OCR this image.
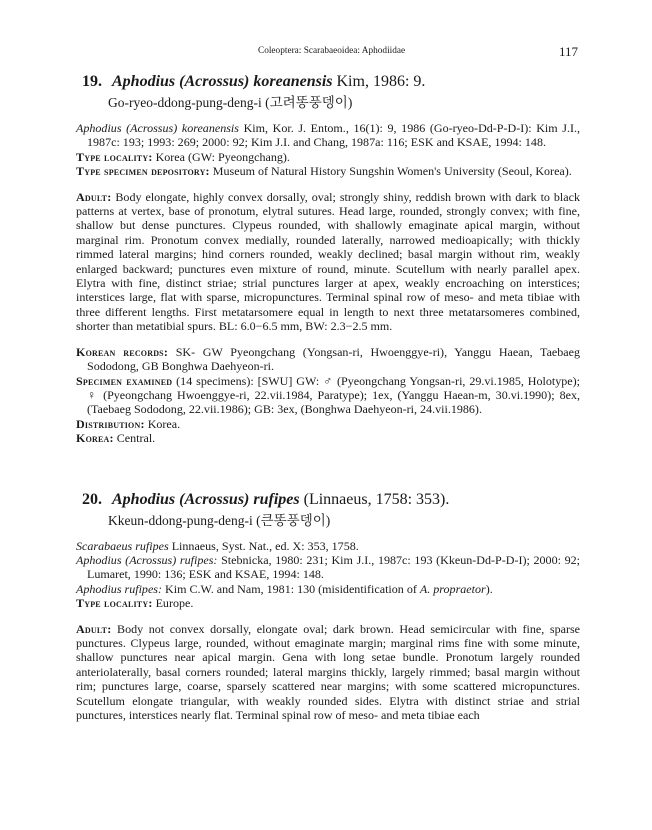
Coleoptera: Scarabaeoidea: Aphodiidae	117
19. Aphodius (Acrossus) koreanensis Kim, 1986: 9.
Go-ryeo-ddong-pung-deng-i (고려똥풍뎅이)

Aphodius (Acrossus) koreanensis Kim, Kor. J. Entom., 16(1): 9, 1986 (Go-ryeo-Dd-P-D-I): Kim J.I., 1987c: 193; 1993: 269; 2000: 92; Kim J.I. and Chang, 1987a: 116; ESK and KSAE, 1994: 148.

Type locality: Korea (GW: Pyeongchang).

Type specimen depository: Museum of Natural History Sungshin Women's University (Seoul, Korea).

Adult: Body elongate, highly convex dorsally, oval; strongly shiny, reddish brown with dark to black patterns at vertex, base of pronotum, elytral sutures. Head large, rounded, strongly convex; with fine, shallow but dense punctures. Clypeus rounded, with shallowly emaginate apical margin, without marginal rim. Pronotum convex medially, rounded laterally, narrowed medioapically; with thickly rimmed lateral margins; hind corners rounded, weakly declined; basal margin without rim, weakly enlarged backward; punctures even mixture of round, minute. Scutellum with nearly parallel apex. Elytra with fine, distinct striae; strial punctures larger at apex, weakly encroaching on interstices; interstices large, flat with sparse, micropunctures. Terminal spinal row of meso- and meta tibiae with three different lengths. First metatarsomere equal in length to next three metatarsomeres combined, shorter than metatibial spurs. BL: 6.0−6.5 mm, BW: 2.3−2.5 mm.

Korean records: SK- GW Pyeongchang (Yongsan-ri, Hwoenggye-ri), Yanggu Haean, Taebaeg Sododong, GB Bonghwa Daehyeon-ri.

Specimen examined (14 specimens): [SWU] GW: ♂ (Pyeongchang Yongsan-ri, 29.vi.1985, Holotype); ♀ (Pyeongchang Hwoenggye-ri, 22.vii.1984, Paratype); 1ex, (Yanggu Haean-m, 30.vi.1990); 8ex, (Taebaeg Sododong, 22.vii.1986); GB: 3ex, (Bonghwa Daehyeon-ri, 24.vii.1986).

Distribution: Korea.

Korea: Central.

20. Aphodius (Acrossus) rufipes (Linnaeus, 1758: 353).
Kkeun-ddong-pung-deng-i (큰똥풍뎅이)

Scarabaeus rufipes Linnaeus, Syst. Nat., ed. X: 353, 1758.

Aphodius (Acrossus) rufipes: Stebnicka, 1980: 231; Kim J.I., 1987c: 193 (Kkeun-Dd-P-D-I); 2000: 92; Lumaret, 1990: 136; ESK and KSAE, 1994: 148.

Aphodius rufipes: Kim C.W. and Nam, 1981: 130 (misidentification of A. propraetor).

Type locality: Europe.

Adult: Body not convex dorsally, elongate oval; dark brown. Head semicircular with fine, sparse punctures. Clypeus large, rounded, without emaginate margin; marginal rims fine with some minute, shallow punctures near apical margin. Gena with long setae bundle. Pronotum largely rounded anteriolaterally, basal corners rounded; lateral margins thickly, largely rimmed; basal margin without rim; punctures large, coarse, sparsely scattered near margins; with some scattered micropunctures. Scutellum elongate triangular, with weakly rounded sides. Elytra with distinct striae and strial punctures, interstices nearly flat. Terminal spinal row of meso- and meta tibiae each
